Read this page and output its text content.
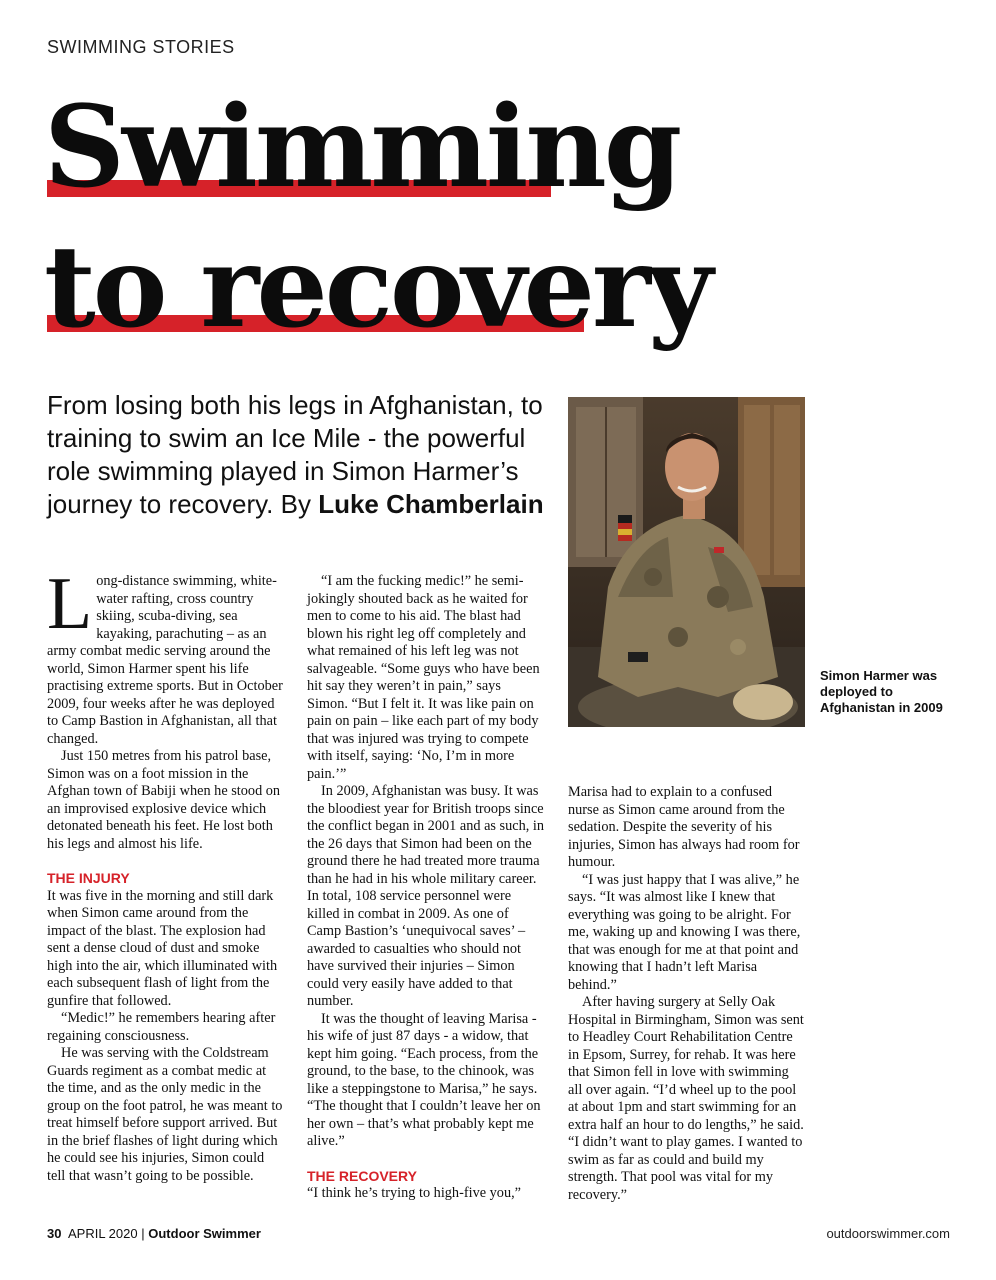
SWIMMING STORIES
Swimming
to recovery
From losing both his legs in Afghanistan, to training to swim an Ice Mile - the powerful role swimming played in Simon Harmer’s journey to recovery. By Luke Chamberlain
Simon Harmer was deployed to Afghanistan in 2009

Long-distance swimming, white-water rafting, cross country skiing, scuba-diving, sea kayaking, parachuting – as an army combat medic serving around the world, Simon Harmer spent his life practising extreme sports. But in October 2009, four weeks after he was deployed to Camp Bastion in Afghanistan, all that changed.

Just 150 metres from his patrol base, Simon was on a foot mission in the Afghan town of Babiji when he stood on an improvised explosive device which detonated beneath his feet. He lost both his legs and almost his life.

THE INJURY

It was five in the morning and still dark when Simon came around from the impact of the blast. The explosion had sent a dense cloud of dust and smoke high into the air, which illuminated with each subsequent flash of light from the gunfire that followed.

“Medic!” he remembers hearing after regaining consciousness.

He was serving with the Coldstream Guards regiment as a combat medic at the time, and as the only medic in the group on the foot patrol, he was meant to treat himself before support arrived. But in the brief flashes of light during which he could see his injuries, Simon could tell that wasn’t going to be possible.

“I am the fucking medic!” he semi-jokingly shouted back as he waited for men to come to his aid. The blast had blown his right leg off completely and what remained of his left leg was not salvageable. “Some guys who have been hit say they weren’t in pain,” says Simon. “But I felt it. It was like pain on pain on pain – like each part of my body that was injured was trying to compete with itself, saying: ‘No, I’m in more pain.’”

In 2009, Afghanistan was busy. It was the bloodiest year for British troops since the conflict began in 2001 and as such, in the 26 days that Simon had been on the ground there he had treated more trauma than he had in his whole military career. In total, 108 service personnel were killed in combat in 2009. As one of Camp Bastion’s ‘unequivocal saves’ – awarded to casualties who should not have survived their injuries – Simon could very easily have added to that number.

It was the thought of leaving Marisa - his wife of just 87 days - a widow, that kept him going. “Each process, from the ground, to the base, to the chinook, was like a steppingstone to Marisa,” he says. “The thought that I couldn’t leave her on her own – that’s what probably kept me alive.”

THE RECOVERY

“I think he’s trying to high-five you,”

Marisa had to explain to a confused nurse as Simon came around from the sedation. Despite the severity of his injuries, Simon has always had room for humour.

“I was just happy that I was alive,” he says. “It was almost like I knew that everything was going to be alright. For me, waking up and knowing I was there, that was enough for me at that point and knowing that I hadn’t left Marisa behind.”

After having surgery at Selly Oak Hospital in Birmingham, Simon was sent to Headley Court Rehabilitation Centre in Epsom, Surrey, for rehab. It was here that Simon fell in love with swimming all over again. “I’d wheel up to the pool at about 1pm and start swimming for an extra half an hour to do lengths,” he said. “I didn’t want to play games. I wanted to swim as far as could and build my strength. That pool was vital for my recovery.”

30 APRIL 2020 | Outdoor Swimmer	outdoorswimmer.com
